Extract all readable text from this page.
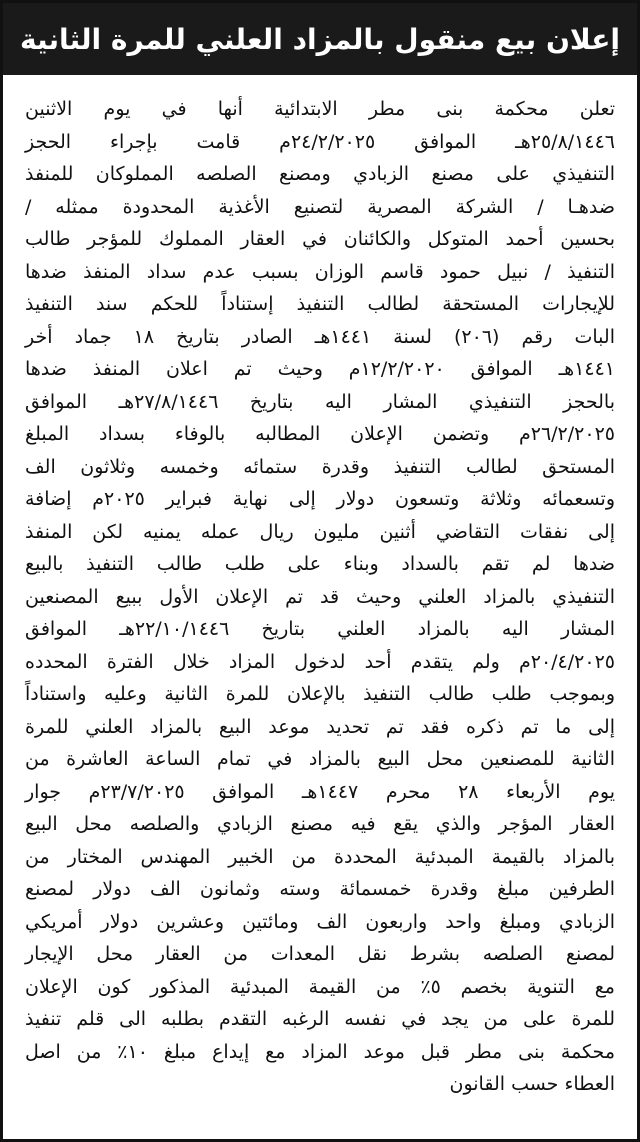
إعلان بيع منقول بالمزاد العلني للمرة الثانية
تعلن محكمة بنى مطر الابتدائية أنها في يوم الاثنين
٢٥/٨/١٤٤٦هـ الموافق ٢٤/٢/٢٠٢٥م قامت بإجراء الحجز
التنفيذي على مصنع الزبادي ومصنع الصلصه المملوكان للمنفذ
ضدهـا / الشركة المصرية لتصنيع الأغذية المحدودة ممثله /
بحسين أحمد المتوكل والكائنان في العقار المملوك للمؤجر طالب
التنفيذ / نبيل حمود قاسم الوزان بسبب عدم سداد المنفذ ضدها
للإيجارات المستحقة لطالب التنفيذ إستناداً للحكم سند التنفيذ
البات رقم (٢٠٦) لسنة ١٤٤١هـ الصادر بتاريخ ١٨ جماد أخر
١٤٤١هـ الموافق ١٢/٢/٢٠٢٠م وحيث تم اعلان المنفذ ضدها
بالحجز التنفيذي المشار اليه بتاريخ ٢٧/٨/١٤٤٦هـ الموافق
٢٦/٢/٢٠٢٥م وتضمن الإعلان المطالبه بالوفاء بسداد المبلغ
المستحق لطالب التنفيذ وقدرة ستمائه وخمسه وثلاثون الف
وتسعمائه وثلاثة وتسعون دولار إلى نهاية فبراير ٢٠٢٥م إضافة
إلى نفقات التقاضي أثنين مليون ريال عمله يمنيه لكن المنفذ
ضدها لم تقم بالسداد وبناء على طلب طالب التنفيذ بالبيع
التنفيذي بالمزاد العلني وحيث قد تم الإعلان الأول ببيع المصنعين
المشار اليه بالمزاد العلني بتاريخ ٢٢/١٠/١٤٤٦هـ الموافق
٢٠/٤/٢٠٢٥م ولم يتقدم أحد لدخول المزاد خلال الفترة المحدده
وبموجب طلب طالب التنفيذ بالإعلان للمرة الثانية وعليه واستناداً
إلى ما تم ذكره فقد تم تحديد موعد البيع بالمزاد العلني للمرة
الثانية للمصنعين محل البيع بالمزاد في تمام الساعة العاشرة من
يوم الأربعاء ٢٨ محرم ١٤٤٧هـ الموافق ٢٣/٧/٢٠٢٥م جوار
العقار المؤجر والذي يقع فيه مصنع الزبادي والصلصه محل البيع
بالمزاد بالقيمة المبدئية المحددة من الخبير المهندس المختار من
الطرفين مبلغ وقدرة خمسمائة وسته وثمانون الف دولار لمصنع
الزبادي ومبلغ واحد واربعون الف ومائتين وعشرين دولار أمريكي
لمصنع الصلصه بشرط نقل المعدات من العقار محل الإيجار
مع التنوية بخصم ٥٪ من القيمة المبدئية المذكور كون الإعلان
للمرة على من يجد في نفسه الرغبه التقدم بطلبه الى قلم تنفيذ
محكمة بنى مطر قبل موعد المزاد مع إيداع مبلغ ١٠٪ من اصل
العطاء حسب القانون
